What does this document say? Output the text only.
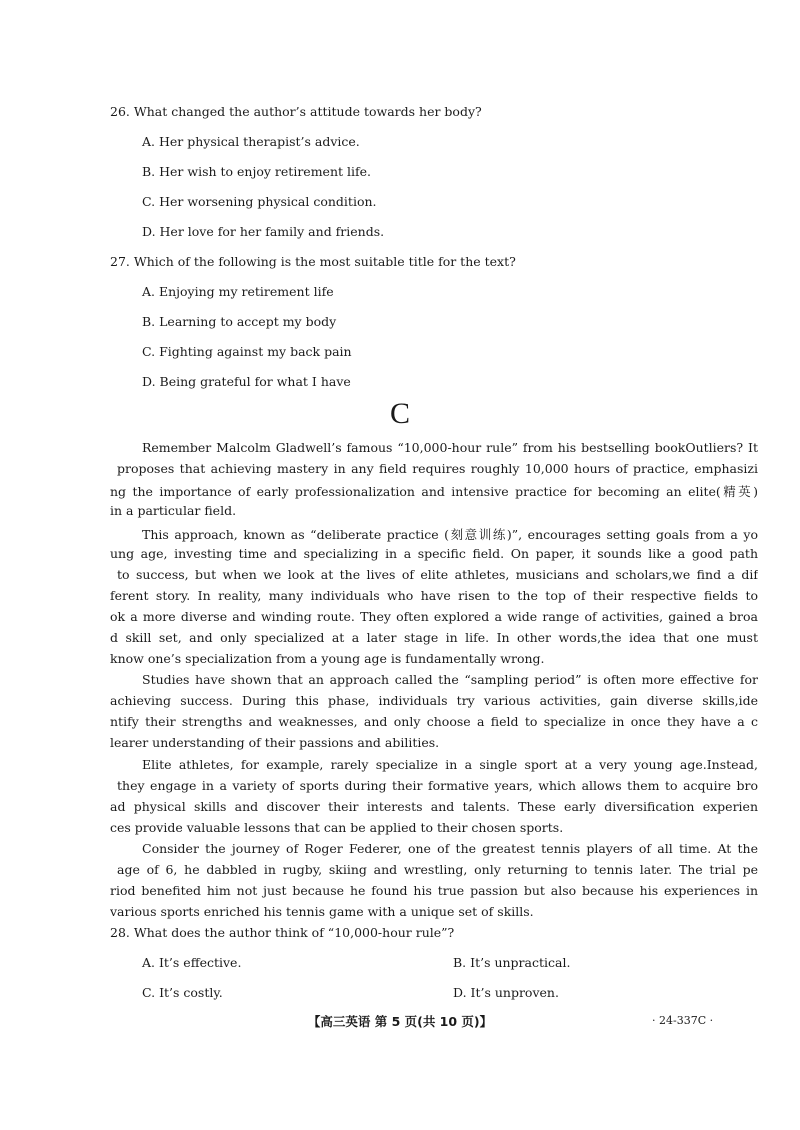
26. What changed the author’s attitude towards her body?
A. Her physical therapist’s advice.
B. Her wish to enjoy retirement life.
C. Her worsening physical condition.
D. Her love for her family and friends.
27. Which of the following is the most suitable title for the text?
A. Enjoying my retirement life
B. Learning to accept my body
C. Fighting against my back pain
D. Being grateful for what I have
C
Remember Malcolm Gladwell’s famous “10,000-hour rule” from his bestselling bookOutliers? It
proposes that achieving mastery in any field requires roughly 10,000 hours of practice, emphasizi
ng the importance of early professionalization and intensive practice for becoming an elite(精英)
in a particular field.
This approach, known as “deliberate practice (刻意训练)”, encourages setting goals from a yo
ung age, investing time and specializing in a specific field. On paper, it sounds like a good path
to success, but when we look at the lives of elite athletes, musicians and scholars,we find a dif
ferent story. In reality, many individuals who have risen to the top of their respective fields to
ok a more diverse and winding route. They often explored a wide range of activities, gained a broa
d skill set, and only specialized at a later stage in life. In other words,the idea that one must
know one’s specialization from a young age is fundamentally wrong.
Studies have shown that an approach called the “sampling period” is often more effective for
achieving success. During this phase, individuals try various activities, gain diverse skills,ide
ntify their strengths and weaknesses, and only choose a field to specialize in once they have a c
learer understanding of their passions and abilities.
Elite athletes, for example, rarely specialize in a single sport at a very young age.Instead,
they engage in a variety of sports during their formative years, which allows them to acquire bro
ad physical skills and discover their interests and talents. These early diversification experien
ces provide valuable lessons that can be applied to their chosen sports.
Consider the journey of Roger Federer, one of the greatest tennis players of all time. At the
age of 6, he dabbled in rugby, skiing and wrestling, only returning to tennis later. The trial pe
riod benefited him not just because he found his true passion but also because his experiences in
various sports enriched his tennis game with a unique set of skills.
28. What does the author think of “10,000-hour rule”?
A. It’s effective.	B. It’s unpractical.
C. It’s costly.	D. It’s unproven.
【高三英语 第 5 页(共 10 页)】	· 24-337C ·
